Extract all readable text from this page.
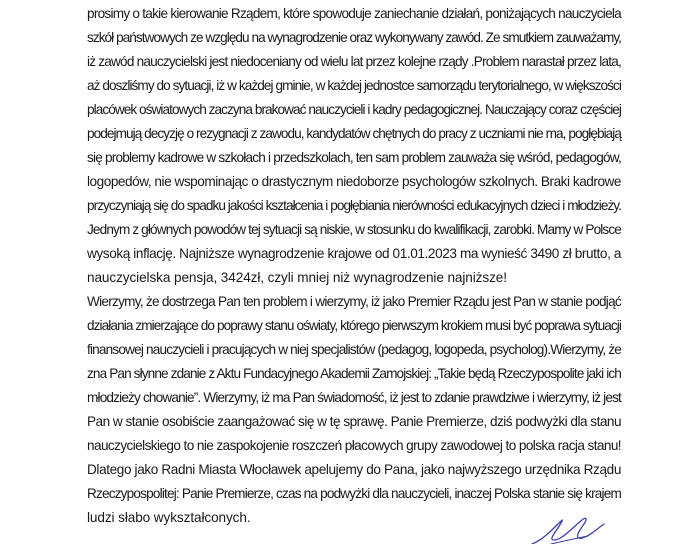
prosimy o takie kierowanie Rządem, które spowoduje zaniechanie działań, poniżających nauczyciela
szkół państwowych ze względu na wynagrodzenie oraz wykonywany zawód. Ze smutkiem zauważamy,
iż zawód nauczycielski jest niedoceniany od wielu lat przez kolejne rządy .Problem narastał przez lata,
aż doszliśmy do sytuacji, iż w każdej gminie, w każdej jednostce samorządu terytorialnego, w większości
placówek oświatowych zaczyna brakować nauczycieli i kadry pedagogicznej. Nauczający coraz częściej
podejmują decyzję o rezygnacji z zawodu, kandydatów chętnych do pracy z uczniami nie ma, pogłębiają
się problemy kadrowe w szkołach i przedszkolach, ten sam problem zauważa się wśród, pedagogów,
logopedów, nie wspominając o drastycznym niedoborze psychologów szkolnych. Braki kadrowe
przyczyniają się do spadku jakości kształcenia i pogłębiania nierówności edukacyjnych dzieci i młodzieży.
Jednym z głównych powodów tej sytuacji są niskie, w stosunku do kwalifikacji, zarobki. Mamy w Polsce
wysoką inflację. Najniższe wynagrodzenie krajowe od 01.01.2023 ma wynieść 3490 zł brutto, a
nauczycielska pensja, 3424zł, czyli mniej niż wynagrodzenie najniższe!
Wierzymy, że dostrzega Pan ten problem i wierzymy, iż jako Premier Rządu jest Pan w stanie podjąć
działania zmierzające do poprawy stanu oświaty, którego pierwszym krokiem musi być poprawa sytuacji
finansowej nauczycieli i pracujących w niej specjalistów (pedagog, logopeda, psycholog).Wierzymy, że
zna Pan słynne zdanie z Aktu Fundacyjnego Akademii Zamojskiej: „Takie będą Rzeczypospolite jaki ich
młodzieży chowanie”. Wierzymy, iż ma Pan świadomość, iż jest to zdanie prawdziwe i wierzymy, iż jest
Pan w stanie osobiście zaangażować się w tę sprawę. Panie Premierze, dziś podwyżki dla stanu
nauczycielskiego to nie zaspokojenie roszczeń płacowych grupy zawodowej to polska racja stanu!
Dlatego jako Radni Miasta Włocławek apelujemy do Pana, jako najwyższego urzędnika Rządu
Rzeczypospolitej: Panie Premierze, czas na podwyżki dla nauczycieli, inaczej Polska stanie się krajem
ludzi słabo wykształconych.
